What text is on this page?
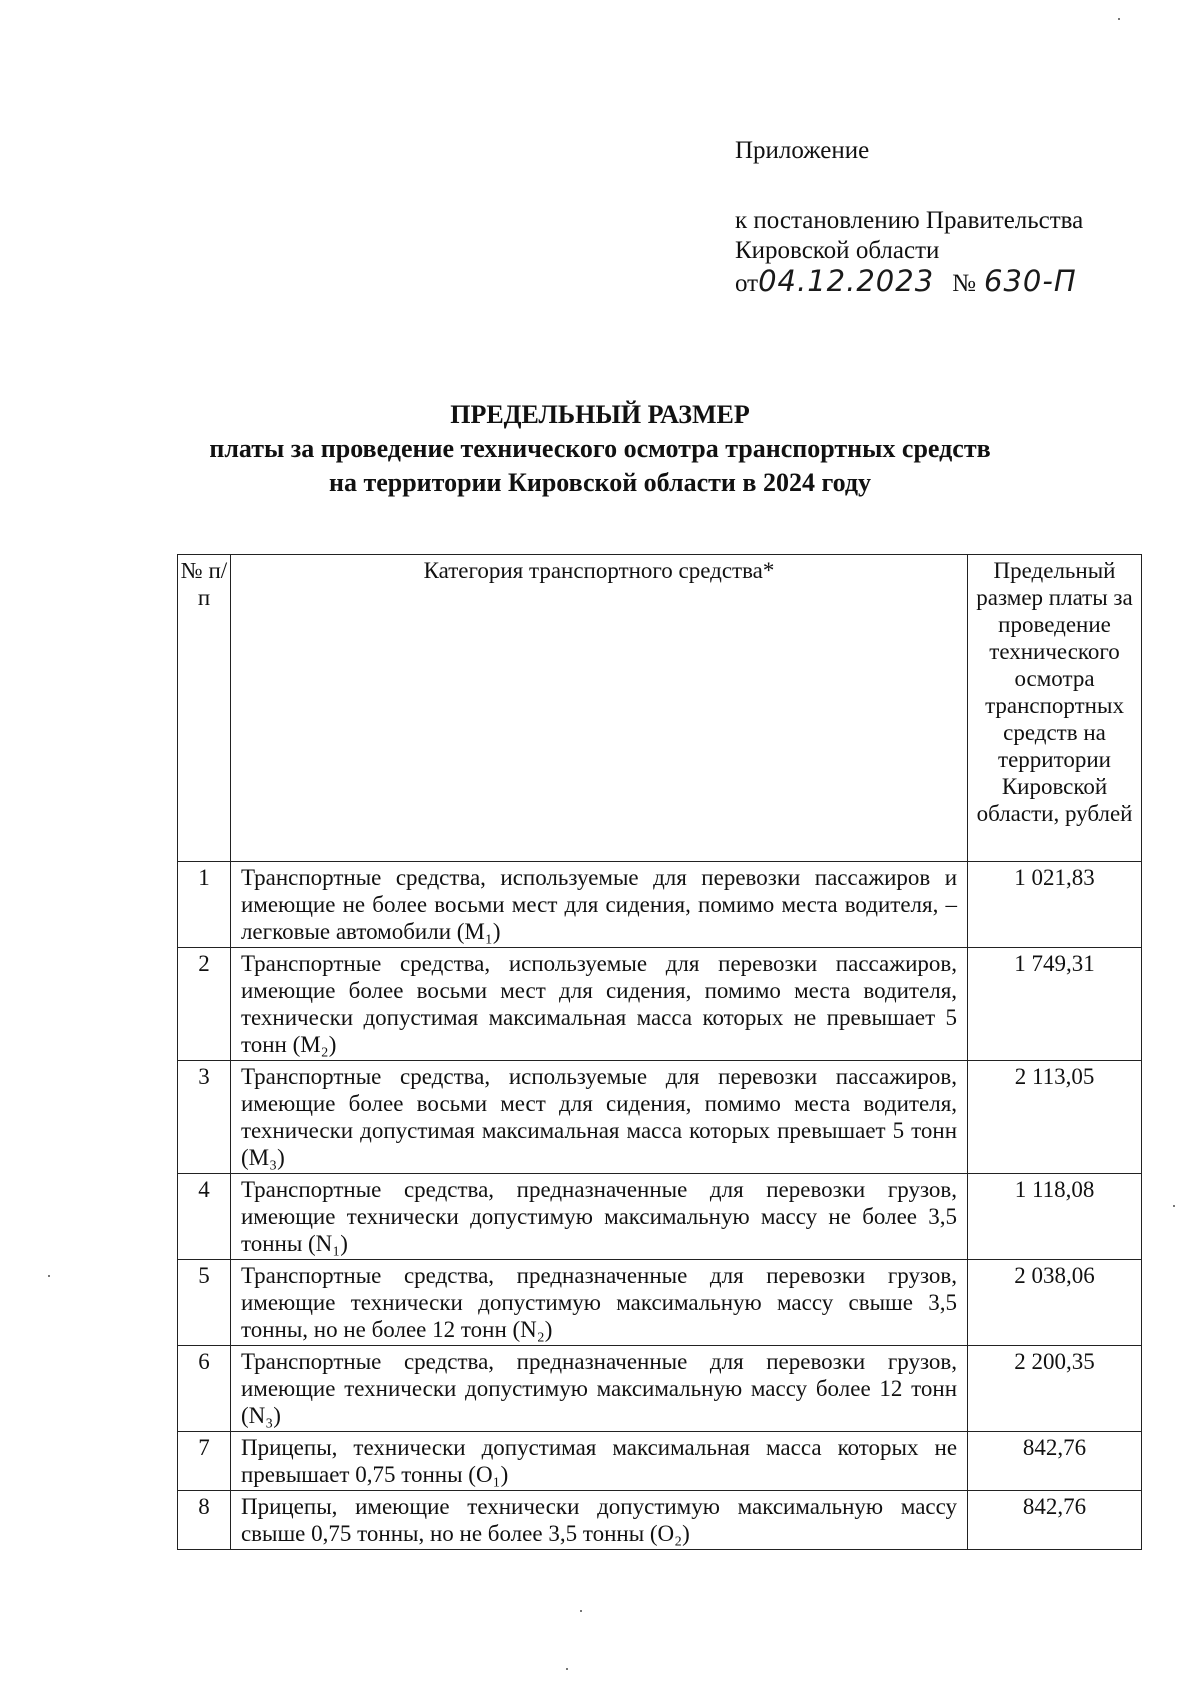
Приложение
к постановлению Правительства
Кировской области
от04.12.2023 № 630-П
ПРЕДЕЛЬНЫЙ РАЗМЕР
платы за проведение технического осмотра транспортных средств
на территории Кировской области в 2024 году
№ п/п	Категория транспортного средства*	Предельный размер платы за проведение технического осмотра транспортных средств на территории Кировской области, рублей
1	Транспортные средства, используемые для перевозки пассажиров и имеющие не более восьми мест для сидения, помимо места водителя, – легковые автомобили (M₁)	1 021,83
2	Транспортные средства, используемые для перевозки пассажиров, имеющие более восьми мест для сидения, помимо места водителя, технически допустимая максимальная масса которых не превышает 5 тонн (M₂)	1 749,31
3	Транспортные средства, используемые для перевозки пассажиров, имеющие более восьми мест для сидения, помимо места водителя, технически допустимая максимальная масса которых превышает 5 тонн (M₃)	2 113,05
4	Транспортные средства, предназначенные для перевозки грузов, имеющие технически допустимую максимальную массу не более 3,5 тонны (N₁)	1 118,08
5	Транспортные средства, предназначенные для перевозки грузов, имеющие технически допустимую максимальную массу свыше 3,5 тонны, но не более 12 тонн (N₂)	2 038,06
6	Транспортные средства, предназначенные для перевозки грузов, имеющие технически допустимую максимальную массу более 12 тонн (N₃)	2 200,35
7	Прицепы, технически допустимая максимальная масса которых не превышает 0,75 тонны (O₁)	842,76
8	Прицепы, имеющие технически допустимую максимальную массу свыше 0,75 тонны, но не более 3,5 тонны (O₂)	842,76
